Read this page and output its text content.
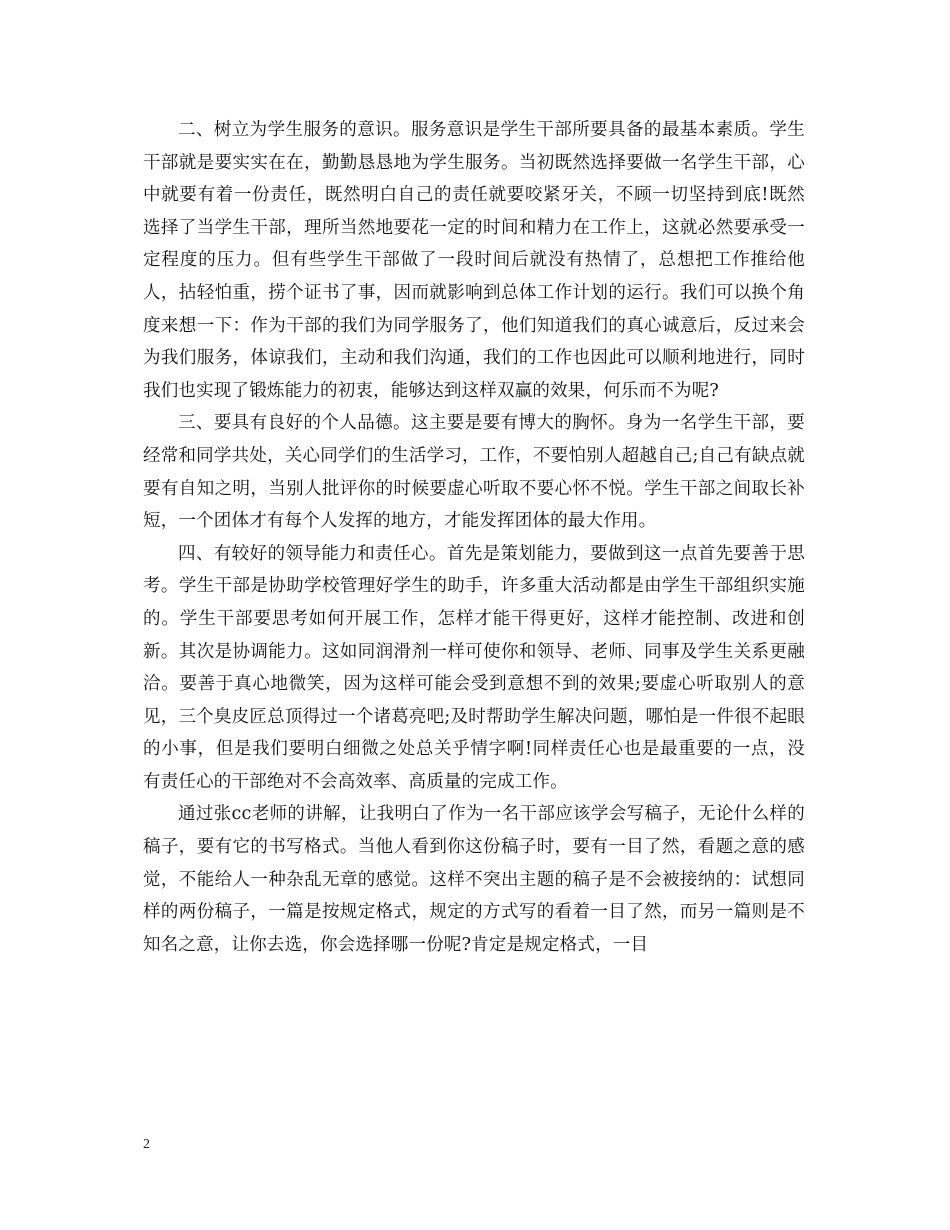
二、树立为学生服务的意识。服务意识是学生干部所要具备的最基本素质。学生干部就是要实实在在，勤勤恳恳地为学生服务。当初既然选择要做一名学生干部，心中就要有着一份责任，既然明白自己的责任就要咬紧牙关，不顾一切坚持到底!既然选择了当学生干部，理所当然地要花一定的时间和精力在工作上，这就必然要承受一定程度的压力。但有些学生干部做了一段时间后就没有热情了，总想把工作推给他人，拈轻怕重，捞个证书了事，因而就影响到总体工作计划的运行。我们可以换个角度来想一下：作为干部的我们为同学服务了，他们知道我们的真心诚意后，反过来会为我们服务，体谅我们，主动和我们沟通，我们的工作也因此可以顺利地进行，同时我们也实现了锻炼能力的初衷，能够达到这样双赢的效果，何乐而不为呢?

三、要具有良好的个人品德。这主要是要有博大的胸怀。身为一名学生干部，要经常和同学共处，关心同学们的生活学习，工作，不要怕别人超越自己;自己有缺点就要有自知之明，当别人批评你的时候要虚心听取不要心怀不悦。学生干部之间取长补短，一个团体才有每个人发挥的地方，才能发挥团体的最大作用。

四、有较好的领导能力和责任心。首先是策划能力，要做到这一点首先要善于思考。学生干部是协助学校管理好学生的助手，许多重大活动都是由学生干部组织实施的。学生干部要思考如何开展工作，怎样才能干得更好，这样才能控制、改进和创新。其次是协调能力。这如同润滑剂一样可使你和领导、老师、同事及学生关系更融洽。要善于真心地微笑，因为这样可能会受到意想不到的效果;要虚心听取别人的意见，三个臭皮匠总顶得过一个诸葛亮吧;及时帮助学生解决问题，哪怕是一件很不起眼的小事，但是我们要明白细微之处总关乎情字啊!同样责任心也是最重要的一点，没有责任心的干部绝对不会高效率、高质量的完成工作。

通过张cc老师的讲解，让我明白了作为一名干部应该学会写稿子，无论什么样的稿子，要有它的书写格式。当他人看到你这份稿子时，要有一目了然，看题之意的感觉，不能给人一种杂乱无章的感觉。这样不突出主题的稿子是不会被接纳的：试想同样的两份稿子，一篇是按规定格式，规定的方式写的看着一目了然，而另一篇则是不知名之意，让你去选，你会选择哪一份呢?肯定是规定格式，一目

2
